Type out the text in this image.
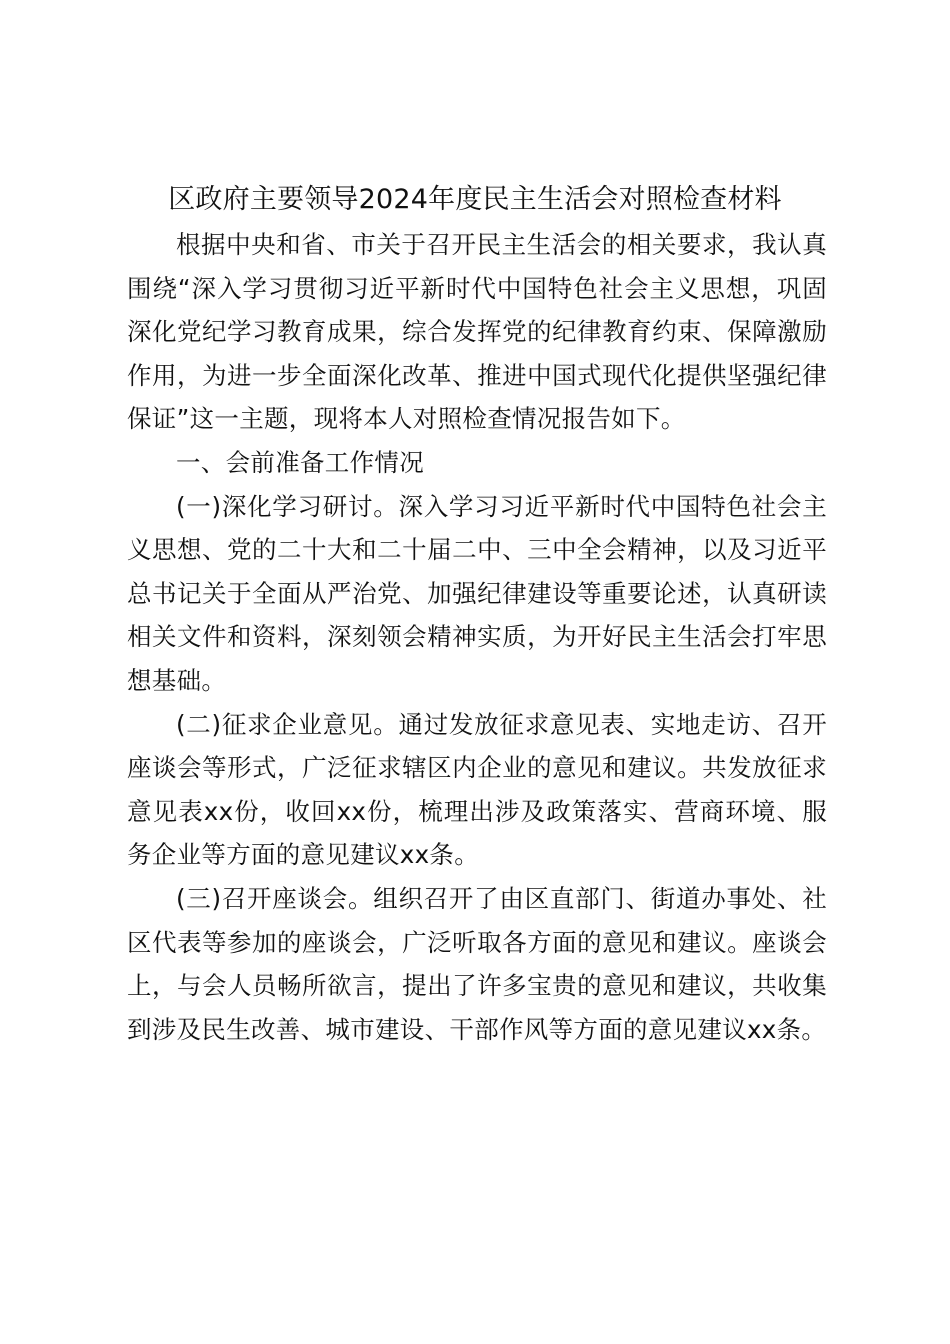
区政府主要领导2024年度民主生活会对照检查材料

根据中央和省、市关于召开民主生活会的相关要求，我认真围绕“深入学习贯彻习近平新时代中国特色社会主义思想，巩固深化党纪学习教育成果，综合发挥党的纪律教育约束、保障激励作用，为进一步全面深化改革、推进中国式现代化提供坚强纪律保证”这一主题，现将本人对照检查情况报告如下。

一、会前准备工作情况

(一)深化学习研讨。深入学习习近平新时代中国特色社会主义思想、党的二十大和二十届二中、三中全会精神，以及习近平总书记关于全面从严治党、加强纪律建设等重要论述，认真研读相关文件和资料，深刻领会精神实质，为开好民主生活会打牢思想基础。

(二)征求企业意见。通过发放征求意见表、实地走访、召开座谈会等形式，广泛征求辖区内企业的意见和建议。共发放征求意见表xx份，收回xx份，梳理出涉及政策落实、营商环境、服务企业等方面的意见建议xx条。

(三)召开座谈会。组织召开了由区直部门、街道办事处、社区代表等参加的座谈会，广泛听取各方面的意见和建议。座谈会上，与会人员畅所欲言，提出了许多宝贵的意见和建议，共收集到涉及民生改善、城市建设、干部作风等方面的意见建议xx条。
